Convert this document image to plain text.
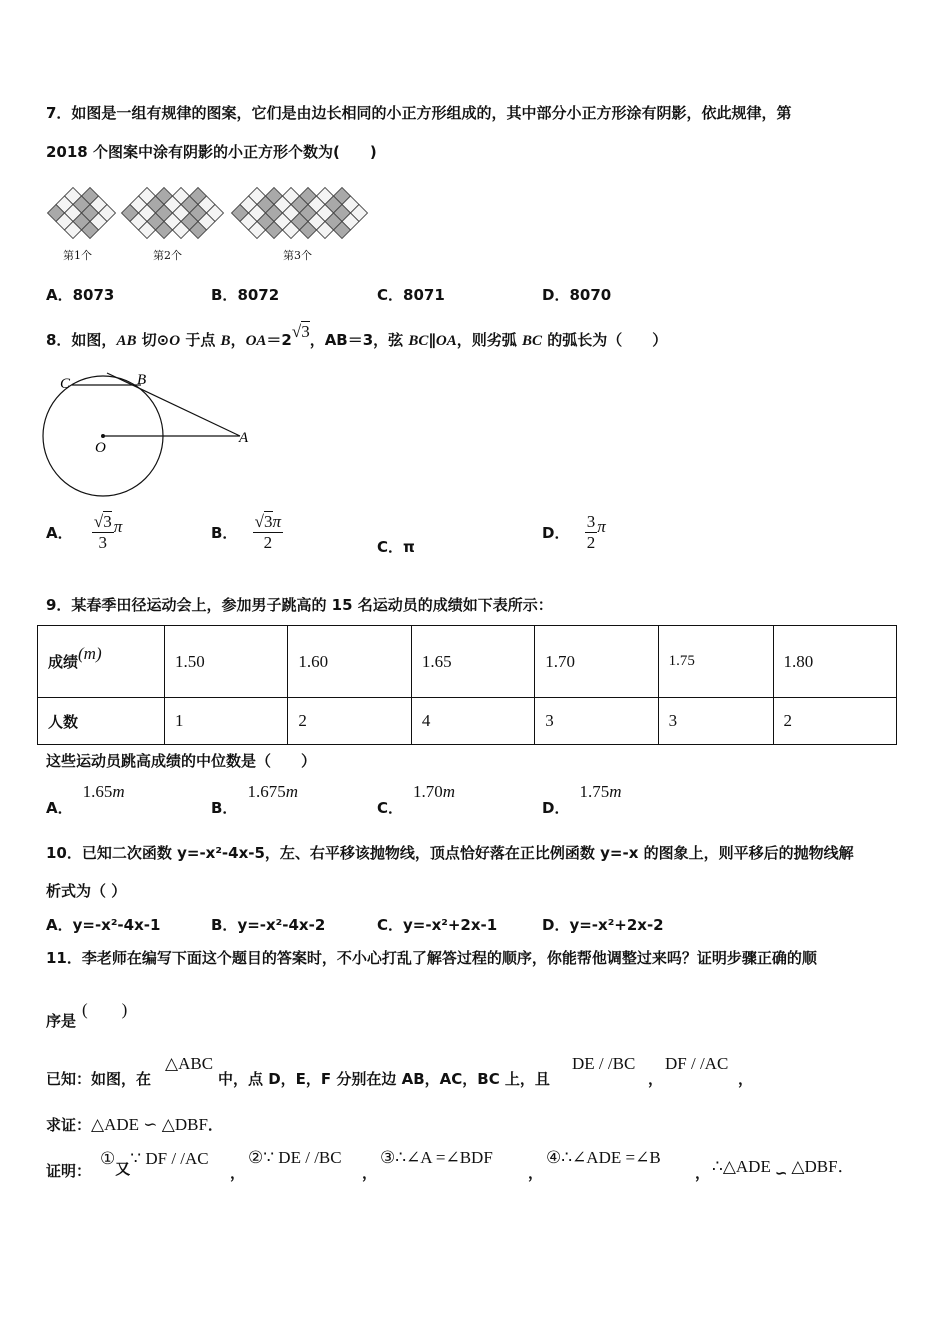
7．如图是一组有规律的图案，它们是由边长相同的小正方形组成的，其中部分小正方形涂有阴影，依此规律，第
2018 个图案中涂有阴影的小正方形个数为(　　)
第1个	第2个	第3个
A．8073	B．8072	C．8071	D．8070
8．如图，AB 切⊙O 于点 B，OA＝2√3，AB＝3，弦 BC∥OA，则劣弧 BC 的弧长为（　　）
C	B
O
A
A． $\frac{√3}{3}$ π	B． $\frac{√3\pi}{2}$	C．π
D． $\frac{3}{2}$ π
9．某春季田径运动会上，参加男子跳高的 15 名运动员的成绩如下表所示：
成绩(m)	1.50	1.60	1.65	1.70	1.75	1.80
人数	1	2	4	3	3	2
这些运动员跳高成绩的中位数是（　　）
A．1.65m
B．1.675m
C．1.70m
D．1.75m
10．已知二次函数 y=-x²-4x-5，左、右平移该抛物线，顶点恰好落在正比例函数 y=-x 的图象上，则平移后的抛物线解
析式为（ ）
A．y=-x²-4x-1	B．y=-x²-4x-2	C．y=-x²+2x-1	D．y=-x²+2x-2
11．李老师在编写下面这个题目的答案时，不小心打乱了解答过程的顺序，你能帮他调整过来吗？证明步骤正确的顺
序是
(　　)
已知：如图，在
△ABC
中，点 D，E，F 分别在边 AB，AC，BC 上，且
DE / /BC
，
DF / /AC
，
求证：△ADE ∽ △DBF．
证明：
①又∵ DF / /AC
，
②∵ DE / /BC
，
③∴∠A =∠BDF
，
④∴∠ADE =∠B
， ∴△ADE ∽ △DBF．
